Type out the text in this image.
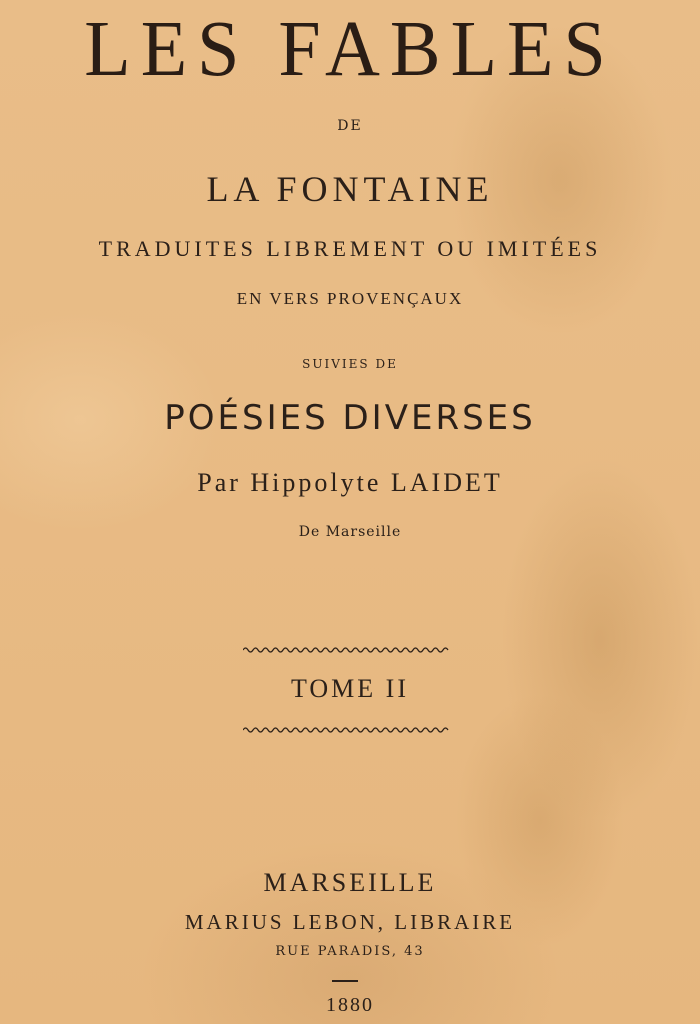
LES FABLES
DE
LA FONTAINE
TRADUITES LIBREMENT OU IMITÉES
EN VERS PROVENÇAUX
SUIVIES DE
POÉSIES DIVERSES
Par Hippolyte LAIDET
De Marseille
TOME II
MARSEILLE
MARIUS LEBON, LIBRAIRE
RUE PARADIS, 43
1880
